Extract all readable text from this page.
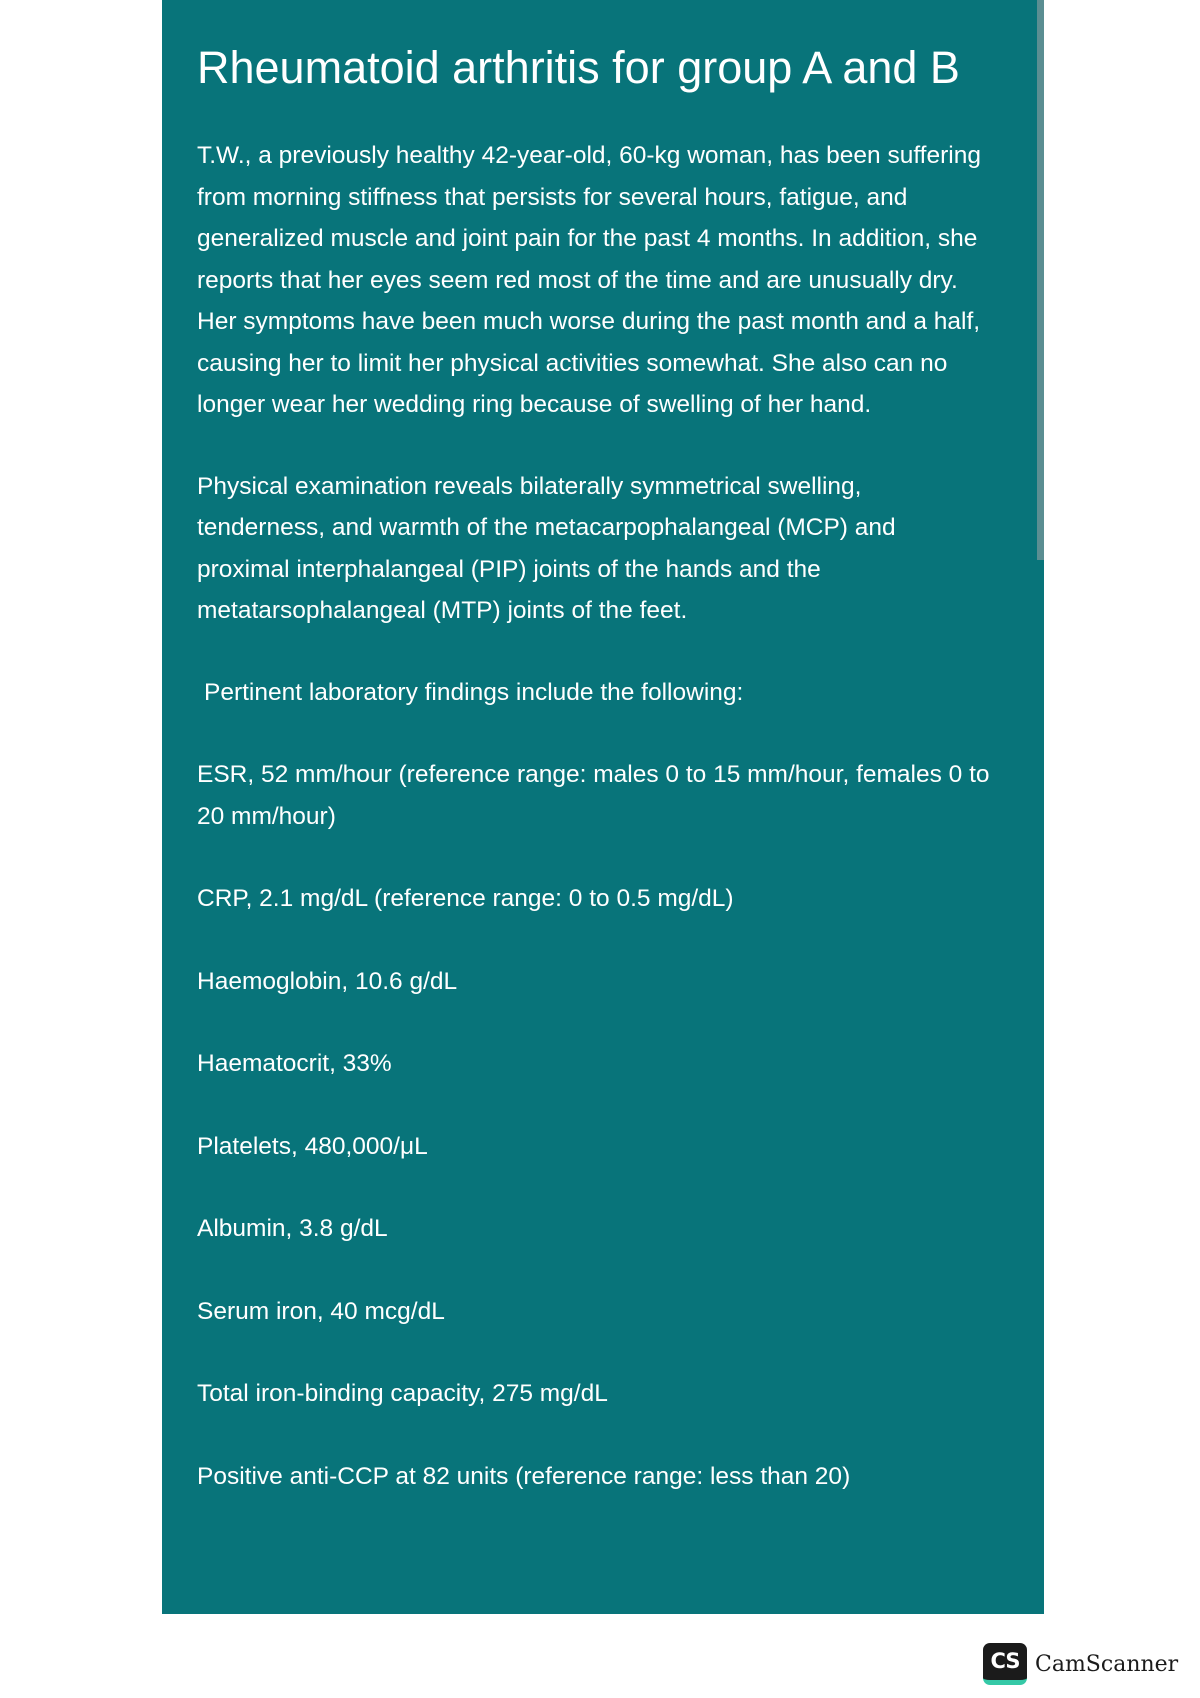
Rheumatoid arthritis for group A and B

T.W., a previously healthy 42-year-old, 60-kg woman, has been suffering from morning stiffness that persists for several hours, fatigue, and generalized muscle and joint pain for the past 4 months. In addition, she reports that her eyes seem red most of the time and are unusually dry. Her symptoms have been much worse during the past month and a half, causing her to limit her physical activities somewhat. She also can no longer wear her wedding ring because of swelling of her hand.

Physical examination reveals bilaterally symmetrical swelling, tenderness, and warmth of the metacarpophalangeal (MCP) and proximal interphalangeal (PIP) joints of the hands and the metatarsophalangeal (MTP) joints of the feet.

Pertinent laboratory findings include the following:

ESR, 52 mm/hour (reference range: males 0 to 15 mm/hour, females 0 to 20 mm/hour)
CRP, 2.1 mg/dL (reference range: 0 to 0.5 mg/dL)
Haemoglobin, 10.6 g/dL
Haematocrit, 33%
Platelets, 480,000/μL
Albumin, 3.8 g/dL
Serum iron, 40 mcg/dL
Total iron-binding capacity, 275 mg/dL
Positive anti-CCP at 82 units (reference range: less than 20)
CS CamScanner
